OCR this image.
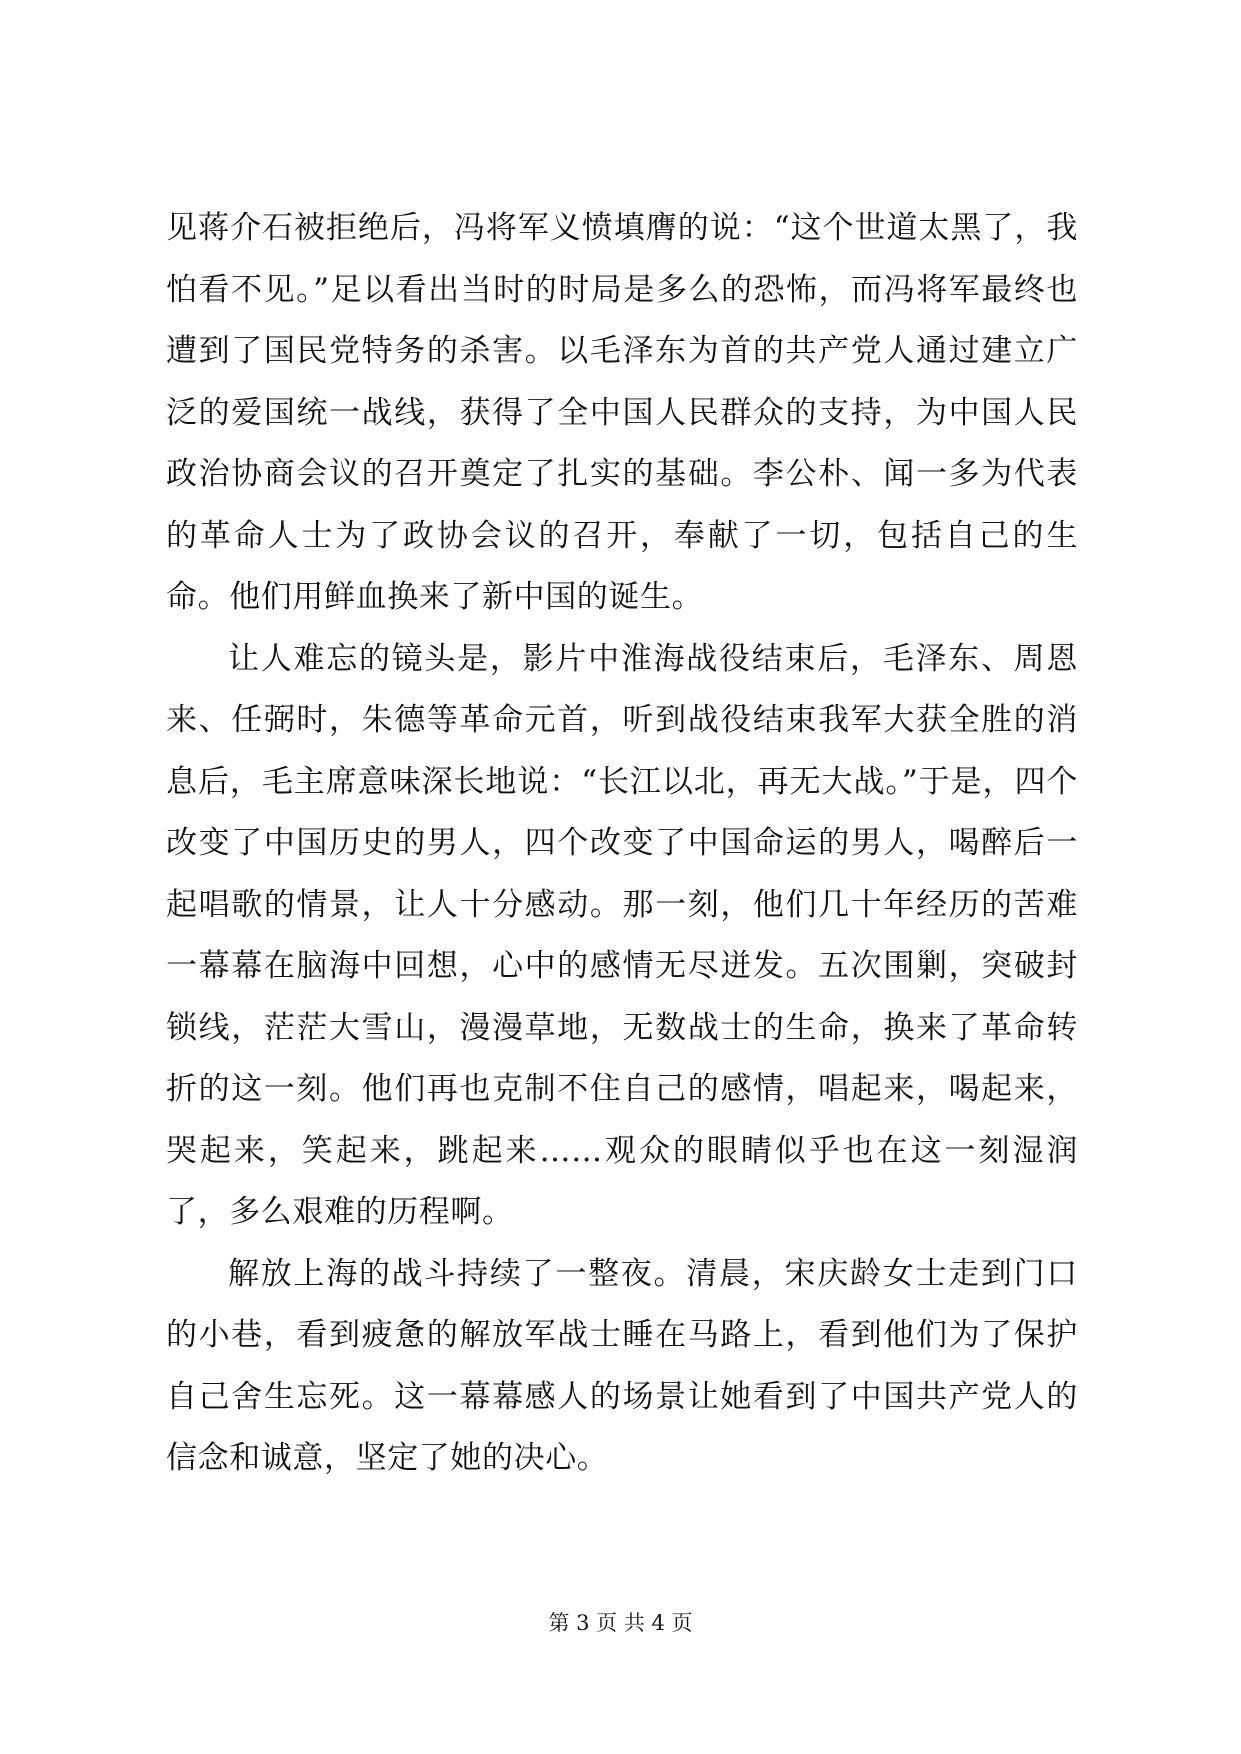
见蒋介石被拒绝后，冯将军义愤填膺的说：“这个世道太黑了，我怕看不见。”足以看出当时的时局是多么的恐怖，而冯将军最终也遭到了国民党特务的杀害。以毛泽东为首的共产党人通过建立广泛的爱国统一战线，获得了全中国人民群众的支持，为中国人民政治协商会议的召开奠定了扎实的基础。李公朴、闻一多为代表的革命人士为了政协会议的召开，奉献了一切，包括自己的生命。他们用鲜血换来了新中国的诞生。

让人难忘的镜头是，影片中淮海战役结束后，毛泽东、周恩来、任弼时，朱德等革命元首，听到战役结束我军大获全胜的消息后，毛主席意味深长地说：“长江以北，再无大战。”于是，四个改变了中国历史的男人，四个改变了中国命运的男人，喝醉后一起唱歌的情景，让人十分感动。那一刻，他们几十年经历的苦难一幕幕在脑海中回想，心中的感情无尽迸发。五次围剿，突破封锁线，茫茫大雪山，漫漫草地，无数战士的生命，换来了革命转折的这一刻。他们再也克制不住自己的感情，唱起来，喝起来，哭起来，笑起来，跳起来……观众的眼睛似乎也在这一刻湿润了，多么艰难的历程啊。

解放上海的战斗持续了一整夜。清晨，宋庆龄女士走到门口的小巷，看到疲惫的解放军战士睡在马路上，看到他们为了保护自己舍生忘死。这一幕幕感人的场景让她看到了中国共产党人的信念和诚意，坚定了她的决心。

第 3 页 共 4 页
